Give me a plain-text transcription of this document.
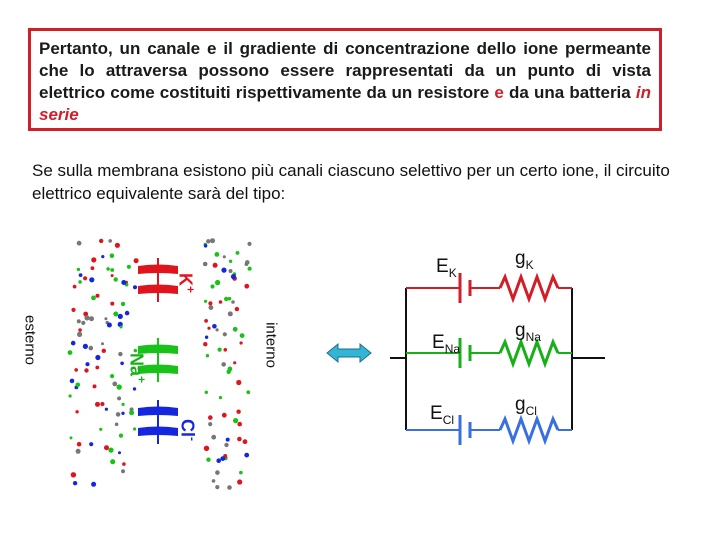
Pertanto, un canale e il gradiente di concentrazione dello ione permeante che lo attraversa possono essere rappresentati da un punto di vista elettrico come costituiti rispettivamente da un resistore e da una batteria in serie

Se sulla membrana esistono più canali ciascuno selettivo per un certo ione, il circuito elettrico equivalente sarà del tipo:

esterno	interno
K+
Na+
Cl-
$E_K$
$g_K$
$E_{Na}$
$g_{Na}$
$E_{Cl}$
$g_{Cl}$
